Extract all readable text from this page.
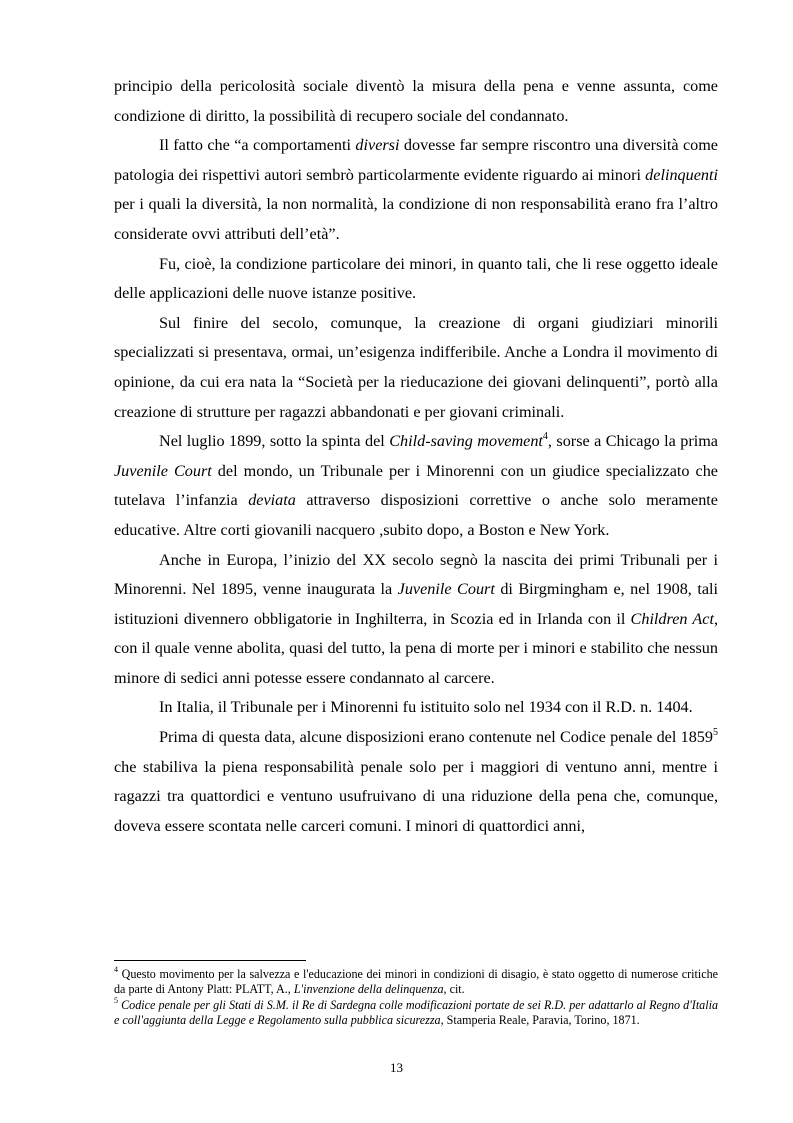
principio della pericolosità sociale diventò la misura della pena e venne assunta, come condizione di diritto, la possibilità di recupero sociale del condannato.

Il fatto che “a comportamenti diversi dovesse far sempre riscontro una diversità come patologia dei rispettivi autori sembrò particolarmente evidente riguardo ai minori delinquenti per i quali la diversità, la non normalità, la condizione di non responsabilità erano fra l’altro considerate ovvi attributi dell’età”.

Fu, cioè, la condizione particolare dei minori, in quanto tali, che li rese oggetto ideale delle applicazioni delle nuove istanze positive.

Sul finire del secolo, comunque, la creazione di organi giudiziari minorili specializzati si presentava, ormai, un’esigenza indifferibile. Anche a Londra il movimento di opinione, da cui era nata la “Società per la rieducazione dei giovani delinquenti”, portò alla creazione di strutture per ragazzi abbandonati e per giovani criminali.

Nel luglio 1899, sotto la spinta del Child-saving movement$^4$, sorse a Chicago la prima Juvenile Court del mondo, un Tribunale per i Minorenni con un giudice specializzato che tutelava l’infanzia deviata attraverso disposizioni correttive o anche solo meramente educative. Altre corti giovanili nacquero ,subito dopo, a Boston e New York.

Anche in Europa, l’inizio del XX secolo segnò la nascita dei primi Tribunali per i Minorenni. Nel 1895, venne inaugurata la Juvenile Court di Birgmingham e, nel 1908, tali istituzioni divennero obbligatorie in Inghilterra, in Scozia ed in Irlanda con il Children Act, con il quale venne abolita, quasi del tutto, la pena di morte per i minori e stabilito che nessun minore di sedici anni potesse essere condannato al carcere.

In Italia, il Tribunale per i Minorenni fu istituito solo nel 1934 con il R.D. n. 1404.

Prima di questa data, alcune disposizioni erano contenute nel Codice penale del 1859$^5$ che stabiliva la piena responsabilità penale solo per i maggiori di ventuno anni, mentre i ragazzi tra quattordici e ventuno usufruivano di una riduzione della pena che, comunque, doveva essere scontata nelle carceri comuni. I minori di quattordici anni,

$^4$ Questo movimento per la salvezza e l'educazione dei minori in condizioni di disagio, è stato oggetto di numerose critiche da parte di Antony Platt: PLATT, A., L'invenzione della delinquenza, cit.

$^5$ Codice penale per gli Stati di S.M. il Re di Sardegna colle modificazioni portate de sei R.D. per adattarlo al Regno d'Italia e coll'aggiunta della Legge e Regolamento sulla pubblica sicurezza, Stamperia Reale, Paravia, Torino, 1871.

13
